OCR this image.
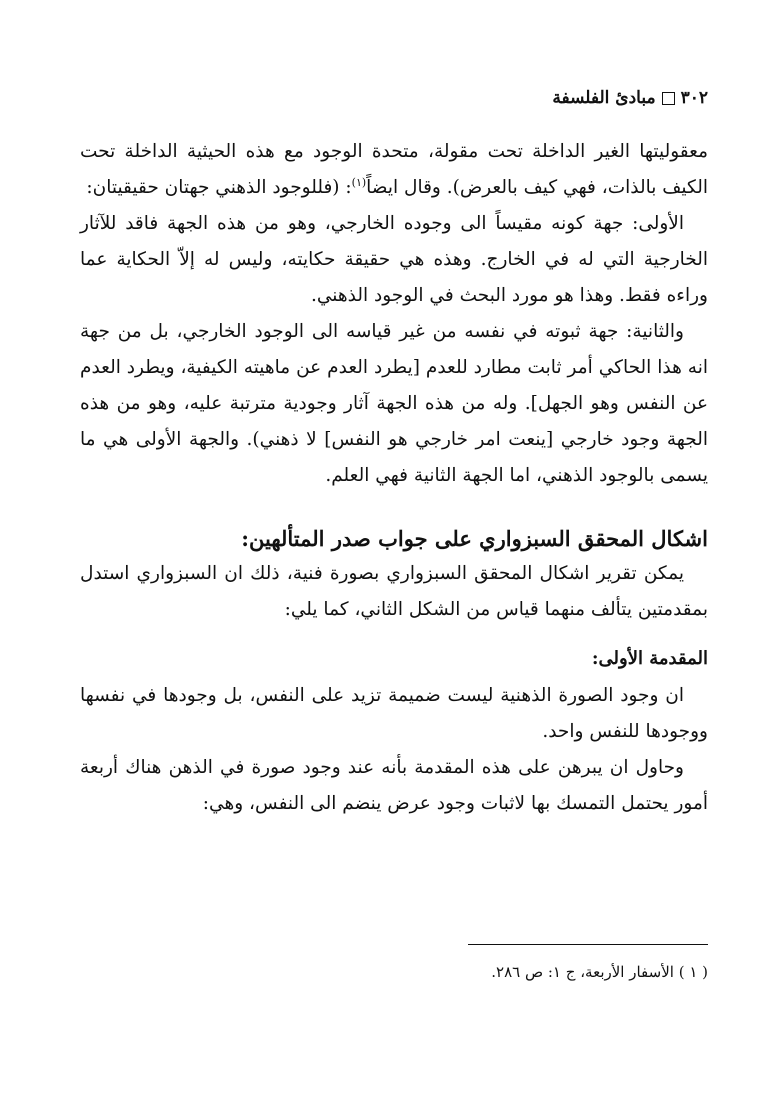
٣٠٢
مبادئ الفلسفة

معقوليتها الغير الداخلة تحت مقولة، متحدة الوجود مع هذه الحيثية الداخلة تحت الكيف بالذات، فهي كيف بالعرض). وقال ايضاً$^{(١)}$: (فللوجود الذهني جهتان حقيقيتان:

الأولى: جهة كونه مقيساً الى وجوده الخارجي، وهو من هذه الجهة فاقد للآثار الخارجية التي له في الخارج. وهذه هي حقيقة حكايته، وليس له إلاّ الحكاية عما وراءه فقط. وهذا هو مورد البحث في الوجود الذهني.

والثانية: جهة ثبوته في نفسه من غير قياسه الى الوجود الخارجي، بل من جهة انه هذا الحاكي أمر ثابت مطارد للعدم [يطرد العدم عن ماهيته الكيفية، ويطرد العدم عن النفس وهو الجهل]. وله من هذه الجهة آثار وجودية مترتبة عليه، وهو من هذه الجهة وجود خارجي [ينعت امر خارجي هو النفس] لا ذهني). والجهة الأولى هي ما يسمى بالوجود الذهني، اما الجهة الثانية فهي العلم.

اشكال المحقق السبزواري على جواب صدر المتألهين:

يمكن تقرير اشكال المحقق السبزواري بصورة فنية، ذلك ان السبزواري استدل بمقدمتين يتألف منهما قياس من الشكل الثاني، كما يلي:

المقدمة الأولى:

ان وجود الصورة الذهنية ليست ضميمة تزيد على النفس، بل وجودها في نفسها ووجودها للنفس واحد.

وحاول ان يبرهن على هذه المقدمة بأنه عند وجود صورة في الذهن هناك أربعة أمور يحتمل التمسك بها لاثبات وجود عرض ينضم الى النفس، وهي:

( ١ ) الأسفار الأربعة، ج ١: ص ٢٨٦.
